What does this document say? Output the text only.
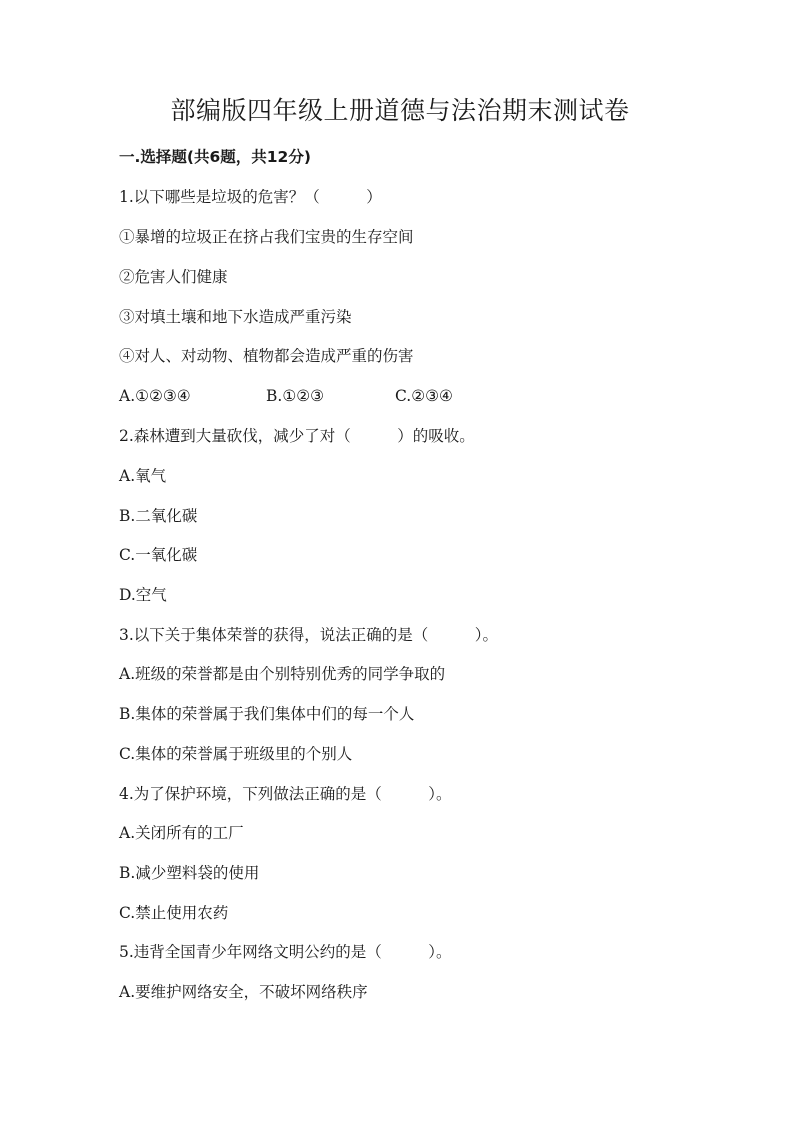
部编版四年级上册道德与法治期末测试卷
一.选择题(共6题，共12分)
1.以下哪些是垃圾的危害？（　　　）
①暴增的垃圾正在挤占我们宝贵的生存空间
②危害人们健康
③对填土壤和地下水造成严重污染
④对人、对动物、植物都会造成严重的伤害

A.①②③④

	B.①②③

	C.②③④

2.森林遭到大量砍伐，减少了对（　　　）的吸收。
A.氧气
B.二氧化碳
C.一氧化碳
D.空气
3.以下关于集体荣誉的获得，说法正确的是（　　　）。
A.班级的荣誉都是由个别特别优秀的同学争取的
B.集体的荣誉属于我们集体中们的每一个人
C.集体的荣誉属于班级里的个别人
4.为了保护环境，下列做法正确的是（　　　）。
A.关闭所有的工厂
B.减少塑料袋的使用
C.禁止使用农药
5.违背全国青少年网络文明公约的是（　　　）。
A.要维护网络安全，不破坏网络秩序
